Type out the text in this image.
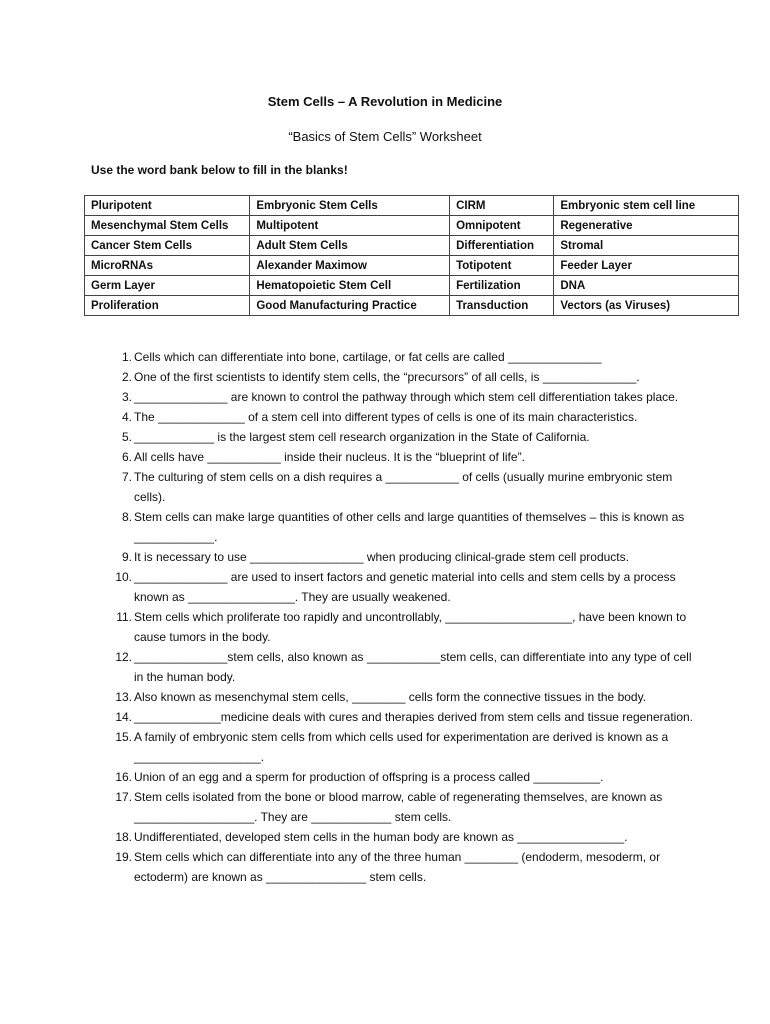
Stem Cells – A Revolution in Medicine
“Basics of Stem Cells” Worksheet
Use the word bank below to fill in the blanks!
Pluripotent	Embryonic Stem Cells	CIRM	Embryonic stem cell line
Mesenchymal Stem Cells	Multipotent	Omnipotent	Regenerative
Cancer Stem Cells	Adult Stem Cells	Differentiation	Stromal
MicroRNAs	Alexander Maximow	Totipotent	Feeder Layer
Germ Layer	Hematopoietic Stem Cell	Fertilization	DNA
Proliferation	Good Manufacturing Practice	Transduction	Vectors (as Viruses)
1. Cells which can differentiate into bone, cartilage, or fat cells are called ______________
2. One of the first scientists to identify stem cells, the “precursors” of all cells, is ______________.
3. ______________ are known to control the pathway through which stem cell differentiation takes place.
4. The _____________ of a stem cell into different types of cells is one of its main characteristics.
5. ____________ is the largest stem cell research organization in the State of California.
6. All cells have ___________ inside their nucleus. It is the “blueprint of life”.
7. The culturing of stem cells on a dish requires a ___________ of cells (usually murine embryonic stem cells).
8. Stem cells can make large quantities of other cells and large quantities of themselves – this is known as ____________.
9. It is necessary to use _________________ when producing clinical-grade stem cell products.
10. ______________ are used to insert factors and genetic material into cells and stem cells by a process known as ________________. They are usually weakened.
11. Stem cells which proliferate too rapidly and uncontrollably, ___________________, have been known to cause tumors in the body.
12. ______________stem cells, also known as ___________stem cells, can differentiate into any type of cell in the human body.
13. Also known as mesenchymal stem cells, ________ cells form the connective tissues in the body.
14. _____________medicine deals with cures and therapies derived from stem cells and tissue regeneration.
15. A family of embryonic stem cells from which cells used for experimentation are derived is known as a ___________________.
16. Union of an egg and a sperm for production of offspring is a process called __________.
17. Stem cells isolated from the bone or blood marrow, cable of regenerating themselves, are known as __________________. They are ____________ stem cells.
18. Undifferentiated, developed stem cells in the human body are known as ________________.
19. Stem cells which can differentiate into any of the three human ________ (endoderm, mesoderm, or ectoderm) are known as _______________ stem cells.
